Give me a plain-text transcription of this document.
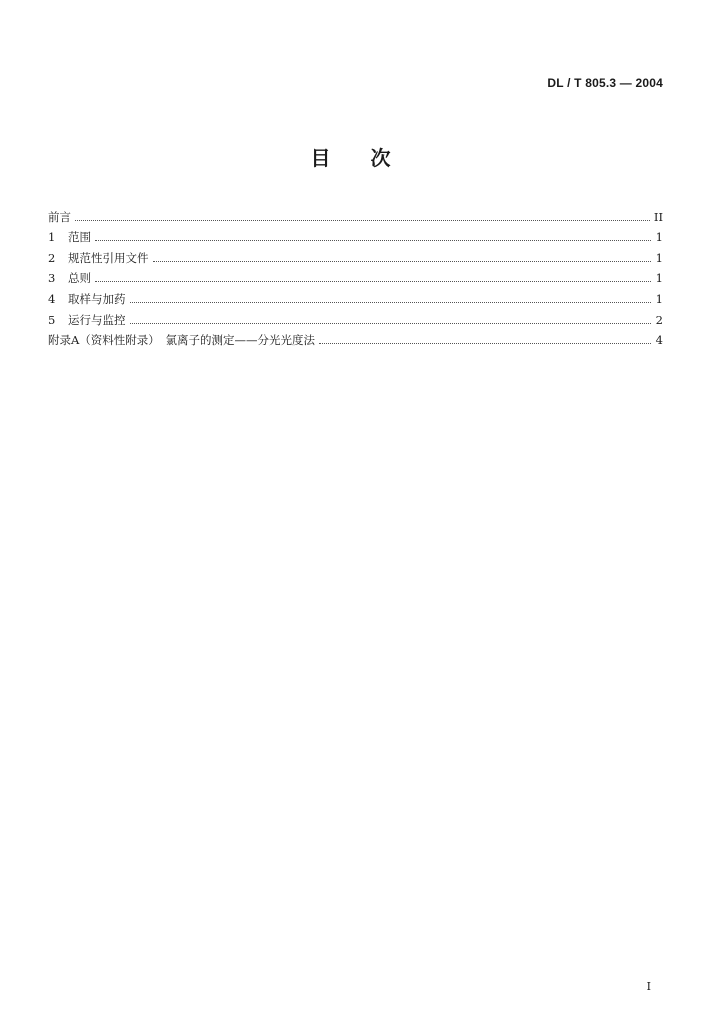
DL / T 805.3 — 2004
目　　次
前言	II
1	范围	1
2	规范性引用文件	1
3	总则	1
4	取样与加药	1
5	运行与监控	2
附录A（资料性附录）　氯离子的测定——分光光度法	4
I
